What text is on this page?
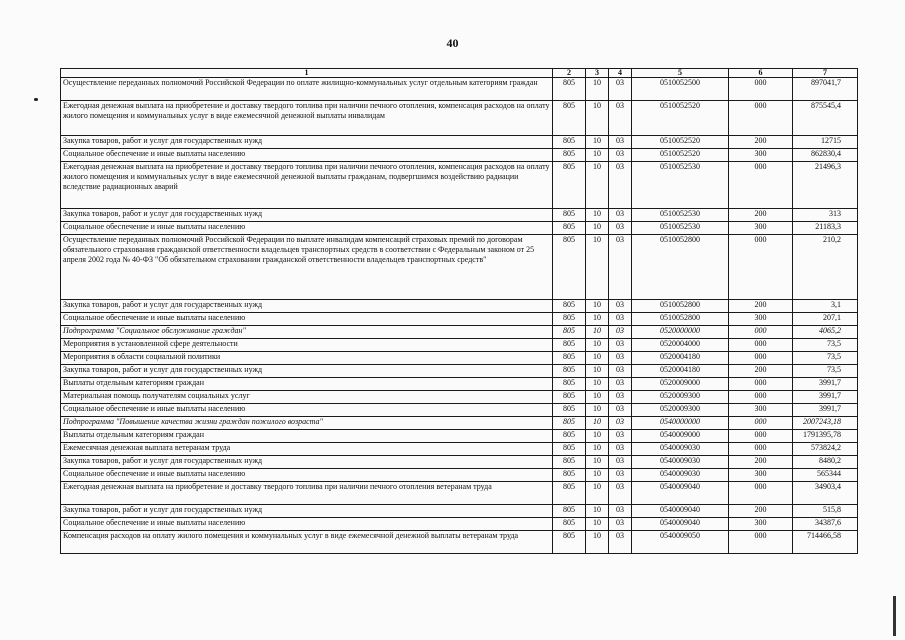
40
1	2	3	4	5	6	7
Осуществление переданных полномочий Российской Федерации по оплате жилищно-коммунальных услуг отдельным категориям граждан	805	10	03	0510052500	000	897041,7
Ежегодная денежная выплата на приобретение и доставку твердого топлива при наличии печного отопления, компенсация расходов на оплату жилого помещения и коммунальных услуг в виде ежемесячной денежной выплаты инвалидам	805	10	03	0510052520	000	875545,4
Закупка товаров, работ и услуг для государственных нужд	805	10	03	0510052520	200	12715
Социальное обеспечение и иные выплаты населению	805	10	03	0510052520	300	862830,4
Ежегодная денежная выплата на приобретение и доставку твердого топлива при наличии печного отопления, компенсация расходов на оплату жилого помещения и коммунальных услуг в виде ежемесячной денежной выплаты гражданам, подвергшимся воздействию радиации вследствие радиационных аварий	805	10	03	0510052530	000	21496,3
Закупка товаров, работ и услуг для государственных нужд	805	10	03	0510052530	200	313
Социальное обеспечение и иные выплаты населению	805	10	03	0510052530	300	21183,3
Осуществление переданных полномочий Российской Федерации по выплате инвалидам компенсаций страховых премий по договорам обязательного страхования гражданской ответственности владельцев транспортных средств в соответствии с Федеральным законом от 25 апреля 2002 года № 40-ФЗ "Об обязательном страховании гражданской ответственности владельцев транспортных средств"	805	10	03	0510052800	000	210,2
Закупка товаров, работ и услуг для государственных нужд	805	10	03	0510052800	200	3,1
Социальное обеспечение и иные выплаты населению	805	10	03	0510052800	300	207,1
Подпрограмма "Социальное обслуживание граждан"	805	10	03	0520000000	000	4065,2
Мероприятия в установленной сфере деятельности	805	10	03	0520004000	000	73,5
Мероприятия в области социальной политики	805	10	03	0520004180	000	73,5
Закупка товаров, работ и услуг для государственных нужд	805	10	03	0520004180	200	73,5
Выплаты отдельным категориям граждан	805	10	03	0520009000	000	3991,7
Материальная помощь получателям социальных услуг	805	10	03	0520009300	000	3991,7
Социальное обеспечение и иные выплаты населению	805	10	03	0520009300	300	3991,7
Подпрограмма "Повышение качества жизни граждан пожилого возраста"	805	10	03	0540000000	000	2007243,18
Выплаты отдельным категориям граждан	805	10	03	0540009000	000	1791395,78
Ежемесячная денежная выплата ветеранам труда	805	10	03	0540009030	000	573824,2
Закупка товаров, работ и услуг для государственных нужд	805	10	03	0540009030	200	8480,2
Социальное обеспечение и иные выплаты населению	805	10	03	0540009030	300	565344
Ежегодная денежная выплата на приобретение и доставку твердого топлива при наличии печного отопления ветеранам труда	805	10	03	0540009040	000	34903,4
Закупка товаров, работ и услуг для государственных нужд	805	10	03	0540009040	200	515,8
Социальное обеспечение и иные выплаты населению	805	10	03	0540009040	300	34387,6
Компенсация расходов на оплату жилого помещения и коммунальных услуг в виде ежемесячной денежной выплаты ветеранам труда	805	10	03	0540009050	000	714466,58
